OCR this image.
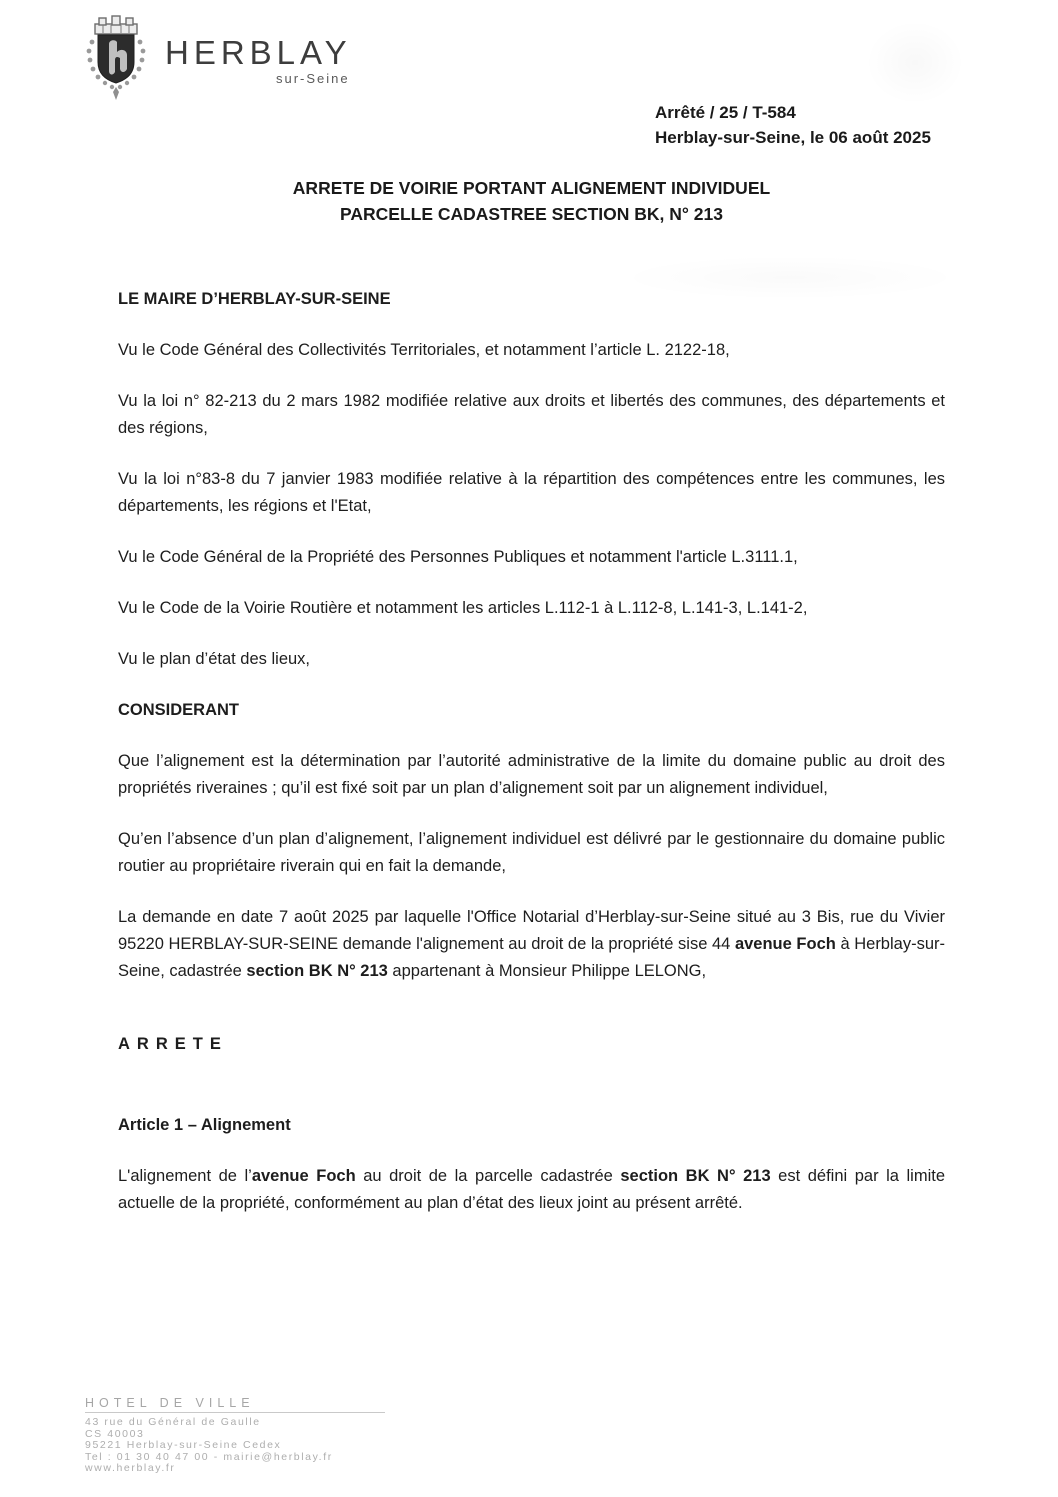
HERBLAY
sur-Seine
Arrêté / 25 / T-584
Herblay-sur-Seine, le 06 août 2025
ARRETE DE VOIRIE PORTANT ALIGNEMENT INDIVIDUEL
PARCELLE CADASTREE SECTION BK, N° 213

LE MAIRE D’HERBLAY-SUR-SEINE

Vu le Code Général des Collectivités Territoriales, et notamment l’article L. 2122-18,

Vu la loi n° 82-213 du 2 mars 1982 modifiée relative aux droits et libertés des communes, des départements et des régions,

Vu la loi n°83-8 du 7 janvier 1983 modifiée relative à la répartition des compétences entre les communes, les départements, les régions et l'Etat,

Vu le Code Général de la Propriété des Personnes Publiques et notamment l'article L.3111.1,

Vu le Code de la Voirie Routière et notamment les articles L.112-1 à L.112-8, L.141-3, L.141-2,

Vu le plan d’état des lieux,

CONSIDERANT

Que l’alignement est la détermination par l’autorité administrative de la limite du domaine public au droit des propriétés riveraines ; qu’il est fixé soit par un plan d’alignement soit par un alignement individuel,

Qu’en l’absence d’un plan d’alignement, l’alignement individuel est délivré par le gestionnaire du domaine public routier au propriétaire riverain qui en fait la demande,

La demande en date 7 août 2025 par laquelle l'Office Notarial d’Herblay-sur-Seine situé au 3 Bis, rue du Vivier 95220 HERBLAY-SUR-SEINE demande l'alignement au droit de la propriété sise 44 avenue Foch à Herblay-sur-Seine, cadastrée section BK N° 213 appartenant à Monsieur Philippe LELONG,

ARRETE

Article 1 – Alignement

L'alignement de l’avenue Foch au droit de la parcelle cadastrée section BK N° 213 est défini par la limite actuelle de la propriété, conformément au plan d’état des lieux joint au présent arrêté.

HOTEL DE VILLE
43 rue du Général de Gaulle
CS 40003
95221 Herblay-sur-Seine Cedex
Tel : 01 30 40 47 00 - mairie@herblay.fr
www.herblay.fr
